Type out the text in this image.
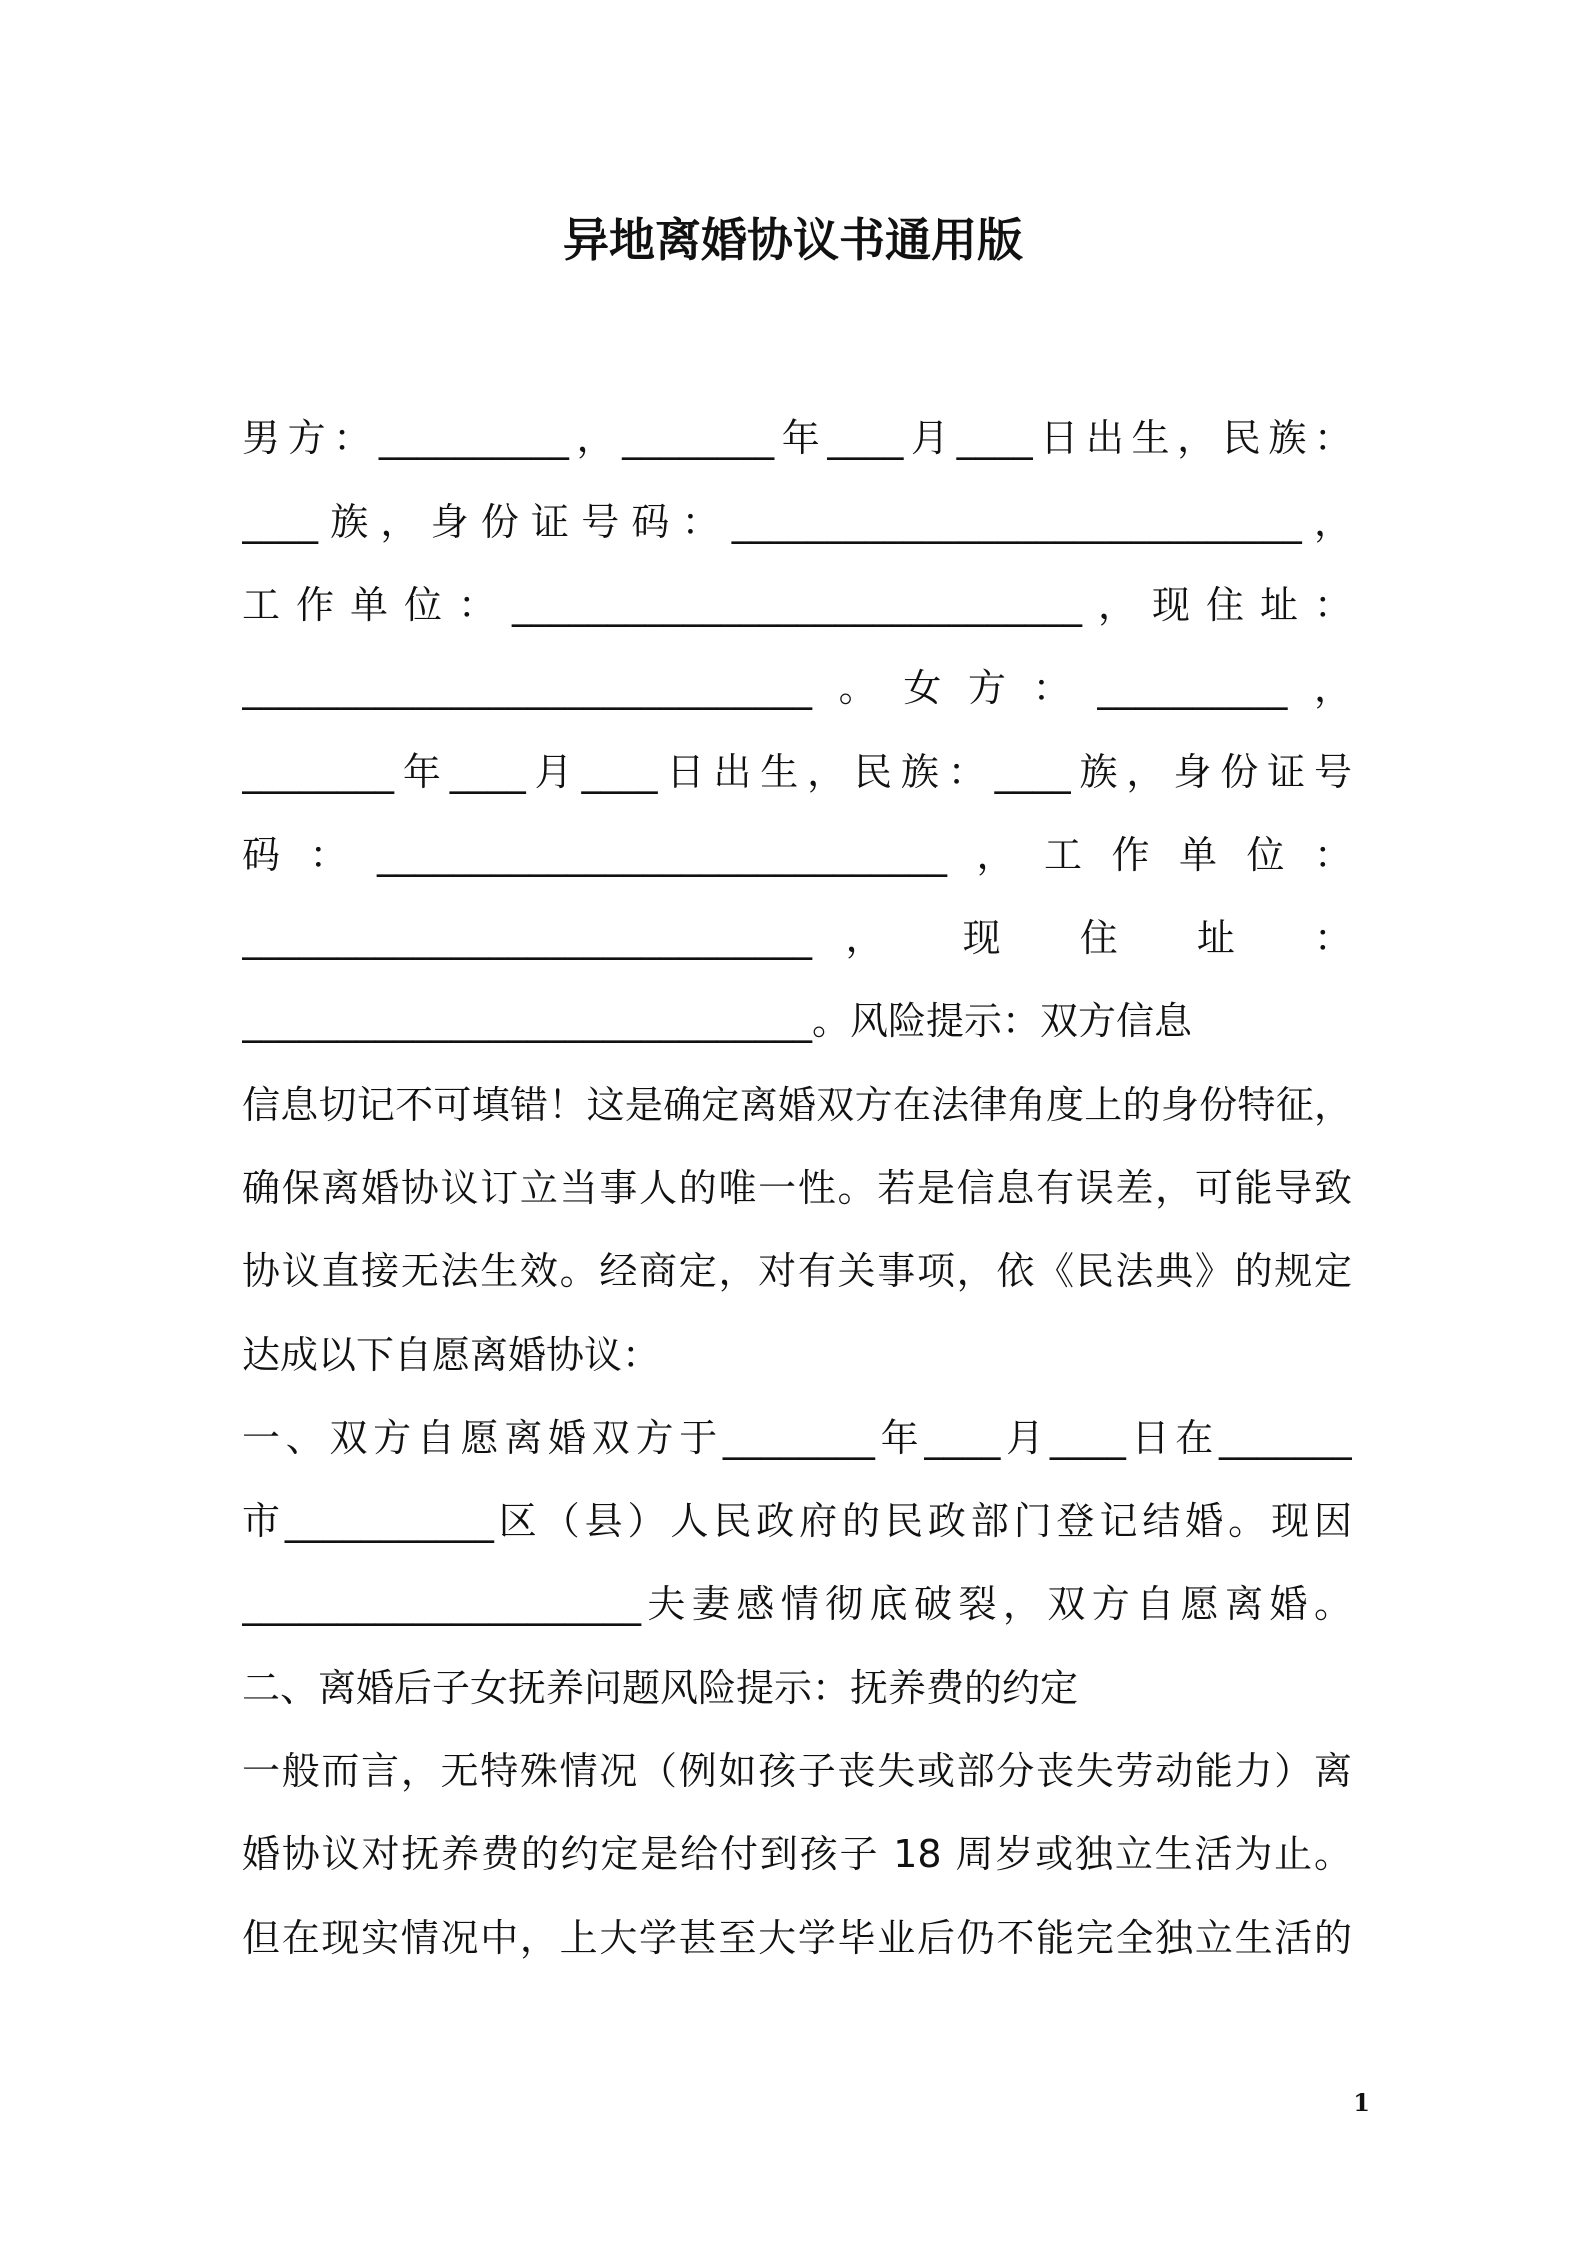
异地离婚协议书通用版
男方：__________，________年____月____日出生，民族：
____族，身份证号码：______________________________，
工作单位：______________________________，现住址：
______________________________。女方：__________，
________年____月____日出生，民族：____族，身份证号
码：______________________________，工作单位：
______________________________， 现 住 址 ：
______________________________。风险提示：双方信息
信息切记不可填错！这是确定离婚双方在法律角度上的身份特征，
确保离婚协议订立当事人的唯一性。若是信息有误差，可能导致
协议直接无法生效。经商定，对有关事项，依《民法典》的规定
达成以下自愿离婚协议：
一、双方自愿离婚双方于________年____月____日在_______
市___________区（县）人民政府的民政部门登记结婚。现因
_____________________夫妻感情彻底破裂，双方自愿离婚。
二、离婚后子女抚养问题风险提示：抚养费的约定
一般而言，无特殊情况（例如孩子丧失或部分丧失劳动能力）离
婚协议对抚养费的约定是给付到孩子 18 周岁或独立生活为止。
但在现实情况中，上大学甚至大学毕业后仍不能完全独立生活的
1
